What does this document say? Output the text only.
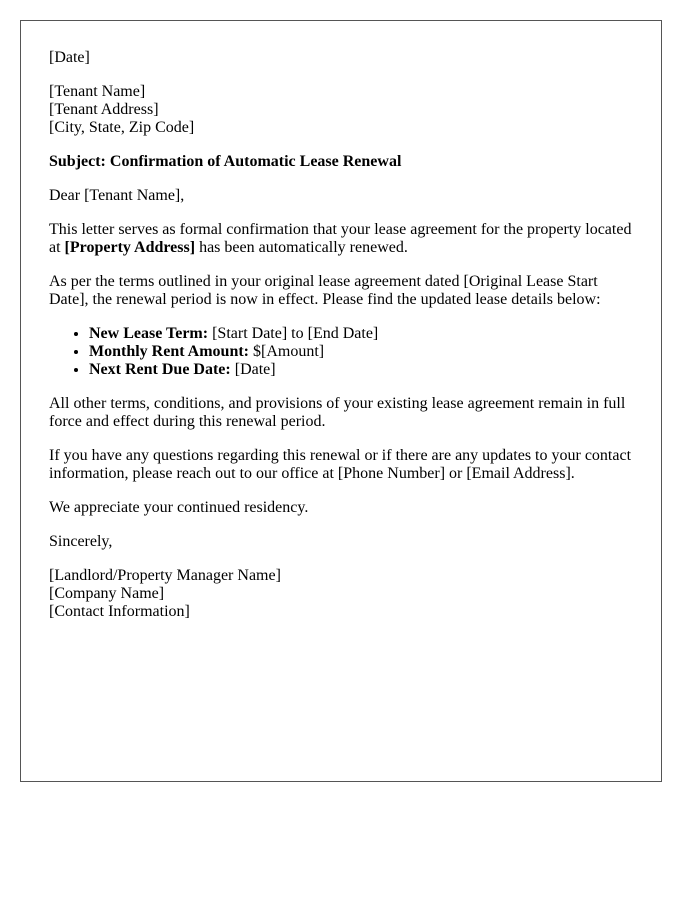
[Date]

[Tenant Name]
[Tenant Address]
[City, State, Zip Code]

Subject: Confirmation of Automatic Lease Renewal

Dear [Tenant Name],

This letter serves as formal confirmation that your lease agreement for the property located at [Property Address] has been automatically renewed.

As per the terms outlined in your original lease agreement dated [Original Lease Start Date], the renewal period is now in effect. Please find the updated lease details below:

• New Lease Term: [Start Date] to [End Date]
• Monthly Rent Amount: $[Amount]
• Next Rent Due Date: [Date]

All other terms, conditions, and provisions of your existing lease agreement remain in full force and effect during this renewal period.

If you have any questions regarding this renewal or if there are any updates to your contact information, please reach out to our office at [Phone Number] or [Email Address].

We appreciate your continued residency.

Sincerely,

[Landlord/Property Manager Name]
[Company Name]
[Contact Information]
